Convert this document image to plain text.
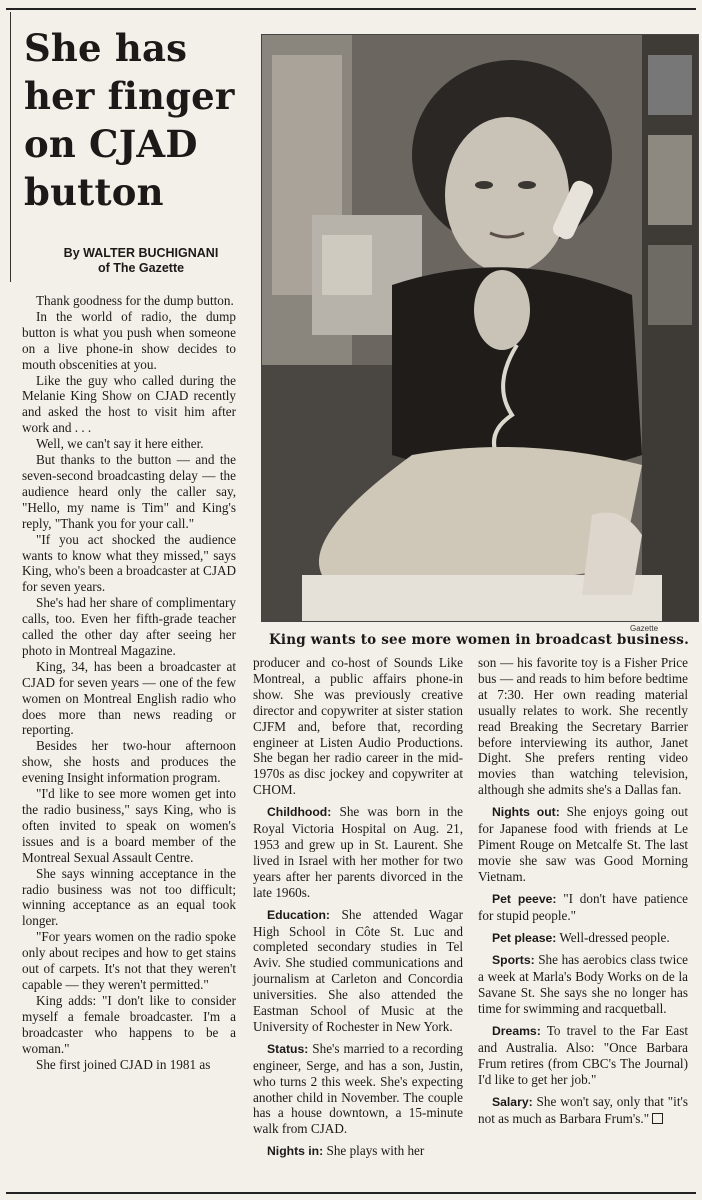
She has
her finger
on CJAD
button
By WALTER BUCHIGNANI
of The Gazette
Gazette
King wants to see more women in broadcast business.

Thank goodness for the dump button.

In the world of radio, the dump button is what you push when someone on a live phone-in show decides to mouth obscenities at you.

Like the guy who called during the Melanie King Show on CJAD recently and asked the host to visit him after work and . . .

Well, we can't say it here either.

But thanks to the button — and the seven-second broadcasting delay — the audience heard only the caller say, "Hello, my name is Tim" and King's reply, "Thank you for your call."

"If you act shocked the audience wants to know what they missed," says King, who's been a broadcaster at CJAD for seven years.

She's had her share of complimentary calls, too. Even her fifth-grade teacher called the other day after seeing her photo in Montreal Magazine.

King, 34, has been a broadcaster at CJAD for seven years — one of the few women on Montreal English radio who does more than news reading or reporting.

Besides her two-hour afternoon show, she hosts and produces the evening Insight information program.

"I'd like to see more women get into the radio business," says King, who is often invited to speak on women's issues and is a board member of the Montreal Sexual Assault Centre.

She says winning acceptance in the radio business was not too difficult; winning acceptance as an equal took longer.

"For years women on the radio spoke only about recipes and how to get stains out of carpets. It's not that they weren't capable — they weren't permitted."

King adds: "I don't like to consider myself a female broadcaster. I'm a broadcaster who happens to be a woman."

She first joined CJAD in 1981 as

producer and co-host of Sounds Like Montreal, a public affairs phone-in show. She was previously creative director and copywriter at sister station CJFM and, before that, recording engineer at Listen Audio Productions. She began her radio career in the mid-1970s as disc jockey and copywriter at CHOM.

Childhood: She was born in the Royal Victoria Hospital on Aug. 21, 1953 and grew up in St. Laurent. She lived in Israel with her mother for two years after her parents divorced in the late 1960s.

Education: She attended Wagar High School in Côte St. Luc and completed secondary studies in Tel Aviv. She studied communications and journalism at Carleton and Concordia universities. She also attended the Eastman School of Music at the University of Rochester in New York.

Status: She's married to a recording engineer, Serge, and has a son, Justin, who turns 2 this week. She's expecting another child in November. The couple has a house downtown, a 15-minute walk from CJAD.

Nights in: She plays with her

son — his favorite toy is a Fisher Price bus — and reads to him before bedtime at 7:30. Her own reading material usually relates to work. She recently read Breaking the Secretary Barrier before interviewing its author, Janet Dight. She prefers renting video movies than watching television, although she admits she's a Dallas fan.

Nights out: She enjoys going out for Japanese food with friends at Le Piment Rouge on Metcalfe St. The last movie she saw was Good Morning Vietnam.

Pet peeve: "I don't have patience for stupid people."

Pet please: Well-dressed people.

Sports: She has aerobics class twice a week at Marla's Body Works on de la Savane St. She says she no longer has time for swimming and racquetball.

Dreams: To travel to the Far East and Australia. Also: "Once Barbara Frum retires (from CBC's The Journal) I'd like to get her job."

Salary: She won't say, only that "it's not as much as Barbara Frum's."
